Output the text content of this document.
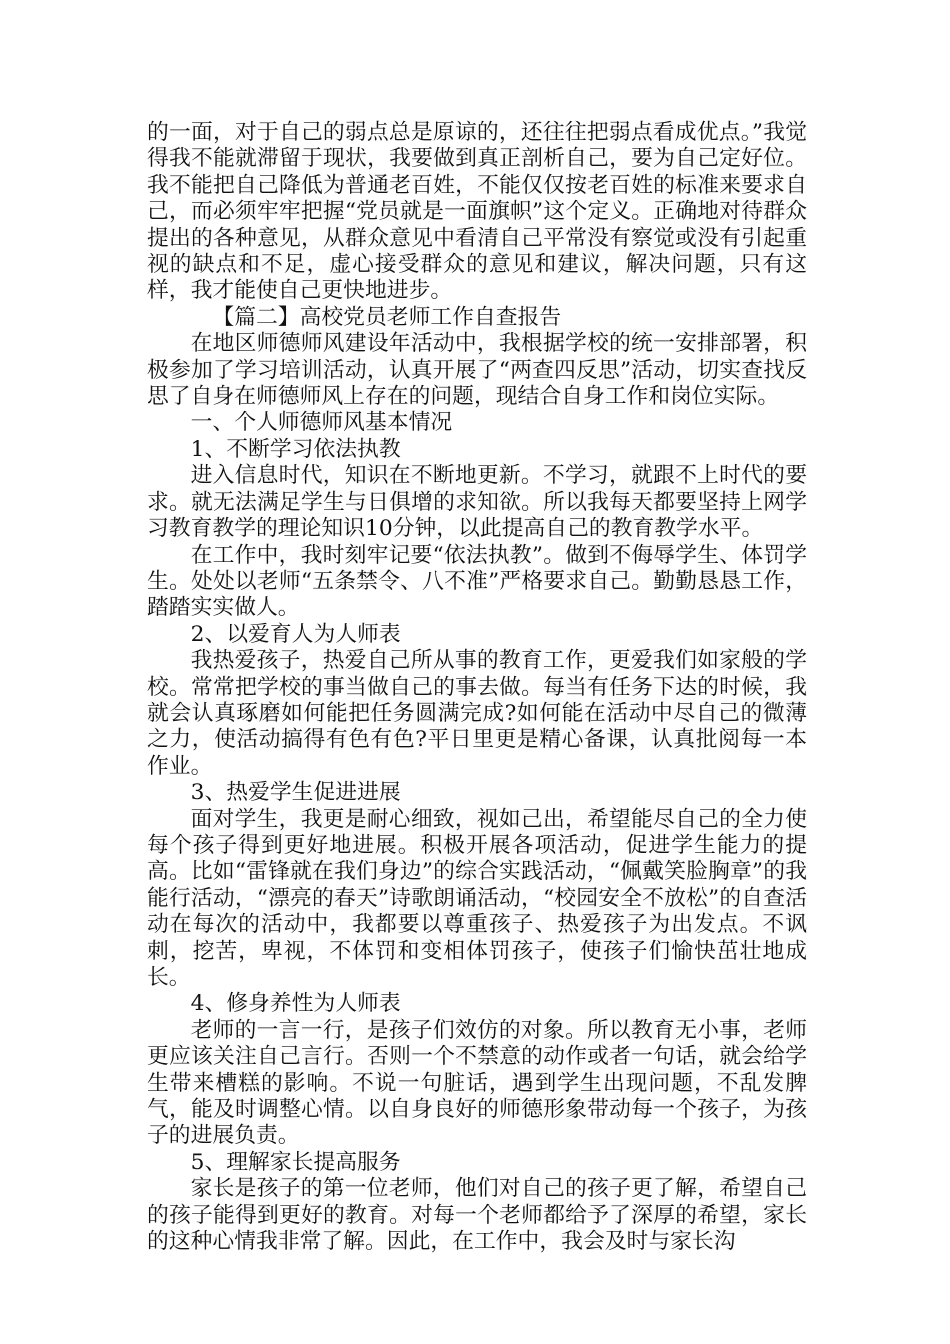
的一面，对于自己的弱点总是原谅的，还往往把弱点看成优点。”我觉得我不能就滞留于现状，我要做到真正剖析自己，要为自己定好位。我不能把自己降低为普通老百姓，不能仅仅按老百姓的标准来要求自己，而必须牢牢把握“党员就是一面旗帜”这个定义。正确地对待群众提出的各种意见，从群众意见中看清自己平常没有察觉或没有引起重视的缺点和不足，虚心接受群众的意见和建议，解决问题，只有这样，我才能使自己更快地进步。

【篇二】高校党员老师工作自查报告

在地区师德师风建设年活动中，我根据学校的统一安排部署，积极参加了学习培训活动，认真开展了“两查四反思”活动，切实查找反思了自身在师德师风上存在的问题，现结合自身工作和岗位实际。

一、个人师德师风基本情况

1、不断学习依法执教

进入信息时代，知识在不断地更新。不学习，就跟不上时代的要求。就无法满足学生与日俱增的求知欲。所以我每天都要坚持上网学习教育教学的理论知识10分钟，以此提高自己的教育教学水平。

在工作中，我时刻牢记要“依法执教”。做到不侮辱学生、体罚学生。处处以老师“五条禁令、八不准”严格要求自己。勤勤恳恳工作，踏踏实实做人。

2、以爱育人为人师表

我热爱孩子，热爱自己所从事的教育工作，更爱我们如家般的学校。常常把学校的事当做自己的事去做。每当有任务下达的时候，我就会认真琢磨如何能把任务圆满完成?如何能在活动中尽自己的微薄之力，使活动搞得有色有色?平日里更是精心备课，认真批阅每一本作业。

3、热爱学生促进进展

面对学生，我更是耐心细致，视如己出，希望能尽自己的全力使每个孩子得到更好地进展。积极开展各项活动，促进学生能力的提高。比如“雷锋就在我们身边”的综合实践活动，“佩戴笑脸胸章”的我能行活动，“漂亮的春天”诗歌朗诵活动，“校园安全不放松”的自查活动在每次的活动中，我都要以尊重孩子、热爱孩子为出发点。不讽刺，挖苦，卑视，不体罚和变相体罚孩子，使孩子们愉快茁壮地成长。

4、修身养性为人师表

老师的一言一行，是孩子们效仿的对象。所以教育无小事，老师更应该关注自己言行。否则一个不禁意的动作或者一句话，就会给学生带来槽糕的影响。不说一句脏话，遇到学生出现问题，不乱发脾气，能及时调整心情。以自身良好的师德形象带动每一个孩子，为孩子的进展负责。

5、理解家长提高服务

家长是孩子的第一位老师，他们对自己的孩子更了解，希望自己的孩子能得到更好的教育。对每一个老师都给予了深厚的希望，家长的这种心情我非常了解。因此，在工作中，我会及时与家长沟
